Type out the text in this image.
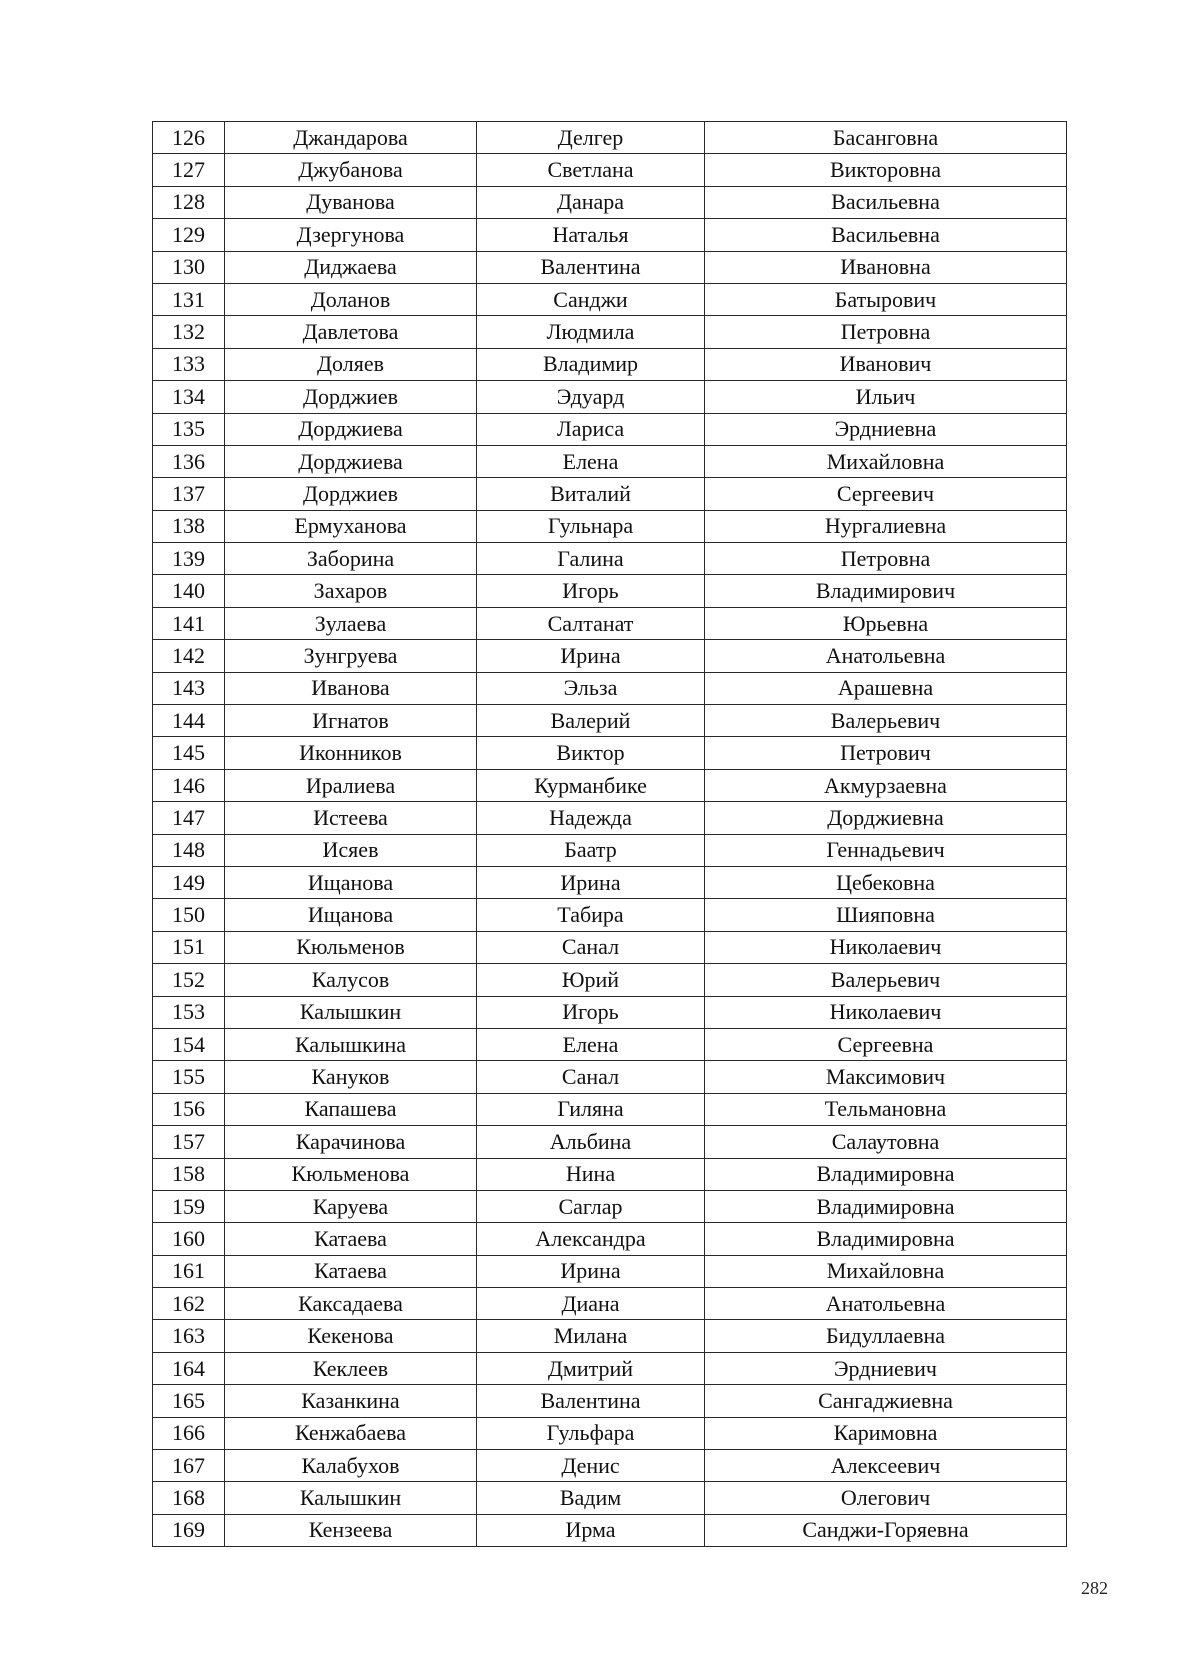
126	Джандарова	Делгер	Басанговна
127	Джубанова	Светлана	Викторовна
128	Дуванова	Данара	Васильевна
129	Дзергунова	Наталья	Васильевна
130	Диджаева	Валентина	Ивановна
131	Доланов	Санджи	Батырович
132	Давлетова	Людмила	Петровна
133	Доляев	Владимир	Иванович
134	Дорджиев	Эдуард	Ильич
135	Дорджиева	Лариса	Эрдниевна
136	Дорджиева	Елена	Михайловна
137	Дорджиев	Виталий	Сергеевич
138	Ермуханова	Гульнара	Нургалиевна
139	Заборина	Галина	Петровна
140	Захаров	Игорь	Владимирович
141	Зулаева	Салтанат	Юрьевна
142	Зунгруева	Ирина	Анатольевна
143	Иванова	Эльза	Арашевна
144	Игнатов	Валерий	Валерьевич
145	Иконников	Виктор	Петрович
146	Иралиева	Курманбике	Акмурзаевна
147	Истеева	Надежда	Дорджиевна
148	Исяев	Баатр	Геннадьевич
149	Ищанова	Ирина	Цебековна
150	Ищанова	Табира	Шияповна
151	Кюльменов	Санал	Николаевич
152	Калусов	Юрий	Валерьевич
153	Калышкин	Игорь	Николаевич
154	Калышкина	Елена	Сергеевна
155	Кануков	Санал	Максимович
156	Капашева	Гиляна	Тельмановна
157	Карачинова	Альбина	Салаутовна
158	Кюльменова	Нина	Владимировна
159	Каруева	Саглар	Владимировна
160	Катаева	Александра	Владимировна
161	Катаева	Ирина	Михайловна
162	Каксадаева	Диана	Анатольевна
163	Кекенова	Милана	Бидуллаевна
164	Кеклеев	Дмитрий	Эрдниевич
165	Казанкина	Валентина	Сангаджиевна
166	Кенжабаева	Гульфара	Каримовна
167	Калабухов	Денис	Алексеевич
168	Калышкин	Вадим	Олегович
169	Кензеева	Ирма	Санджи-Горяевна
282
